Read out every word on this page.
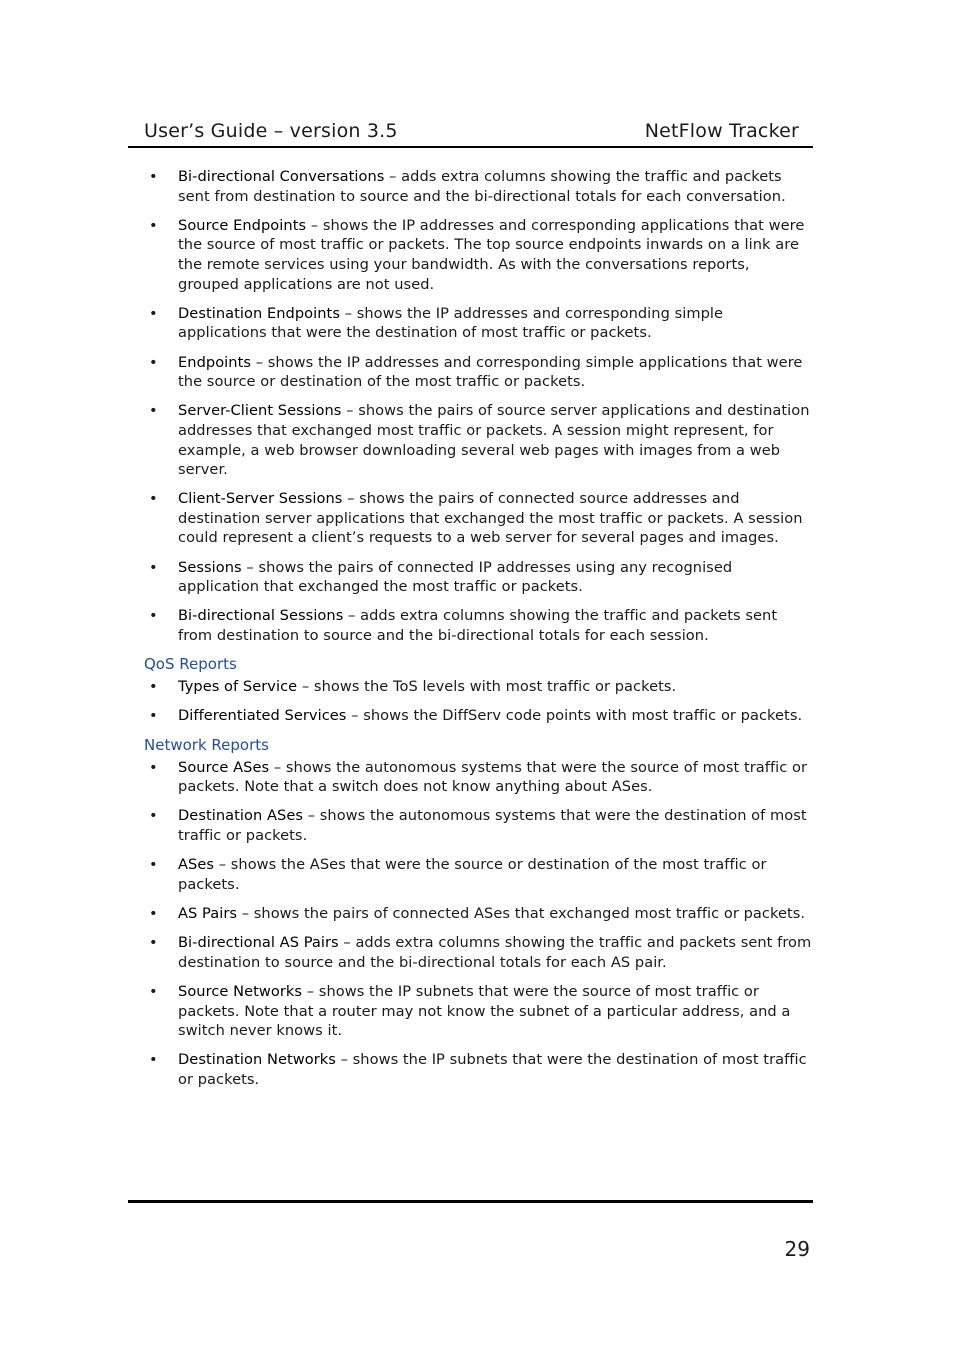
User’s Guide – version 3.5	NetFlow Tracker
• Bi-directional Conversations – adds extra columns showing the traffic and packets sent from destination to source and the bi-directional totals for each conversation.
• Source Endpoints – shows the IP addresses and corresponding applications that were the source of most traffic or packets. The top source endpoints inwards on a link are the remote services using your bandwidth. As with the conversations reports, grouped applications are not used.
• Destination Endpoints – shows the IP addresses and corresponding simple applications that were the destination of most traffic or packets.
• Endpoints – shows the IP addresses and corresponding simple applications that were the source or destination of the most traffic or packets.
• Server-Client Sessions – shows the pairs of source server applications and destination addresses that exchanged most traffic or packets. A session might represent, for example, a web browser downloading several web pages with images from a web server.
• Client-Server Sessions – shows the pairs of connected source addresses and destination server applications that exchanged the most traffic or packets. A session could represent a client’s requests to a web server for several pages and images.
• Sessions – shows the pairs of connected IP addresses using any recognised application that exchanged the most traffic or packets.
• Bi-directional Sessions – adds extra columns showing the traffic and packets sent from destination to source and the bi-directional totals for each session.
QoS Reports
• Types of Service – shows the ToS levels with most traffic or packets.
• Differentiated Services – shows the DiffServ code points with most traffic or packets.
Network Reports
• Source ASes – shows the autonomous systems that were the source of most traffic or packets. Note that a switch does not know anything about ASes.
• Destination ASes – shows the autonomous systems that were the destination of most traffic or packets.
• ASes – shows the ASes that were the source or destination of the most traffic or packets.
• AS Pairs – shows the pairs of connected ASes that exchanged most traffic or packets.
• Bi-directional AS Pairs – adds extra columns showing the traffic and packets sent from destination to source and the bi-directional totals for each AS pair.
• Source Networks – shows the IP subnets that were the source of most traffic or packets. Note that a router may not know the subnet of a particular address, and a switch never knows it.
• Destination Networks – shows the IP subnets that were the destination of most traffic or packets.
29
